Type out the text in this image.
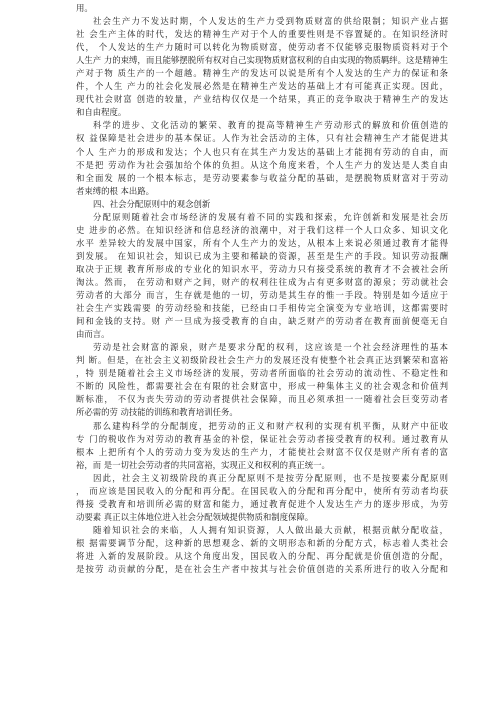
用。
社会生产力不发达时期，个人发达的生产力受到物质财富的供给限制；知识产业占据
社 会生产主体的时代，发达的精神生产对于个人的重要性则是不容置疑的。在知识经济时
代， 个人发达的生产力随时可以转化为物质财富，使劳动者不仅能够克服物质资料对于个
人生产 力的束缚，而且能够摆脱所有权对自己实现物质财富权利的自由实现的物质羁绊。这是精神生
产对于物 质生产的一个超越。精神生产的发达可以说是所有个人发达的生产力的保证和条
件，个人生 产力的社会化发展必然是在精神生产发达的基础上才有可能真正实现。因此，
现代社会财富 创造的较量，产业结构仅仅是一个结果，真正的竞争取决于精神生产的发达
和自由程度。
科学的进步、文化活动的繁荣、教育的提高等精神生产劳动形式的解放和价值创造的
权 益保障是社会进步的基本保证。人作为社会活动的主体，只有社会精神生产才能促进其
个人 生产力的形成和发达；个人也只有在其生产力发达的基础上才能拥有劳动的自由，而
不是把 劳动作为社会强加给个体的负担。从这个角度来看，个人生产力的发达是人类自由
和全面发 展的一个根本标志，是劳动要素参与收益分配的基础，是摆脱物质财富对于劳动
者束缚的根 本出路。
四、社会分配原则中的观念创新
分配原则随着社会市场经济的发展有着不同的实践和探索，允许创新和发展是社会历
史 进步的必然。在知识经济和信息经济的浪潮中，对于我们这样一个人口众多、知识文化
水平 差异较大的发展中国家，所有个人生产力的发达，从根本上来说必须通过教育才能得
到发展。 在知识社会，知识已成为主要和稀缺的资源，甚至是生产的手段。知识劳动报酬
取决于正规 教育所形成的专业化的知识水平，劳动力只有接受系统的教育才不会被社会所
淘汰。然而， 在劳动和财产之间，财产的权利往往成为占有更多财富的源泉；劳动就社会
劳动者的大部分 而言，生存就是他的一切，劳动是其生存的惟一手段。特别是如今适应于
社会生产实践需要 的劳动经验和技能，已经由口手相传完全演变为专业培训，这都需要时
间和金钱的支持。财 产一旦成为接受教育的自由，缺乏财产的劳动者在教育面前便毫无自
由而言。
劳动是社会财富的源泉，财产是要求分配的权利，这应该是一个社会经济理性的基本
判 断。但是，在社会主义初级阶段社会生产力的发展还没有使整个社会真正达到繁荣和富裕
，特 别是随着社会主义市场经济的发展，劳动者所面临的社会劳动的流动性、不稳定性和
不断的 风险性，都需要社会在有限的社会财富中，形成一种集体主义的社会观念和价值判
断标准， 不仅为丧失劳动的劳动者提供社会保障，而且必须承担一一随着社会巨变劳动者
所必需的劳 动技能的训练和教育培训任务。
那么建构科学的分配制度，把劳动的正义和财产权利的实现有机平衡，从财产中征收
专 门的税收作为对劳动的教育基金的补偿，保证社会劳动者接受教育的权利。通过教育从
根本 上把所有个人的劳动力变为发达的生产力，才能使社会财富不仅仅是财产所有者的富
裕，而 是一切社会劳动者的共同富裕，实现正义和权利的真正统一。
因此，社会主义初级阶段的真正分配原则不是按劳分配原则，也不是按要素分配原则
， 而应该是国民收入的分配和再分配。在国民收入的分配和再分配中，使所有劳动者均获
得接 受教育和培训所必需的财富和能力，通过教育促进个人发达生产力的逐步形成，为劳
动要素 真正以主体地位进入社会分配领域提供物质和制度保障。
随着知识社会的来临，人人拥有知识资源，人人做出最大贡献，根据贡献分配收益，
根 据需要调节分配，这种新的思想观念、新的文明形态和新的分配方式，标志着人类社会
将进 入新的发展阶段。从这个角度出发，国民收入的分配、再分配就是价值创造的分配，
是按劳 动贡献的分配，是在社会生产者中按其与社会价值创造的关系所进行的收入分配和
